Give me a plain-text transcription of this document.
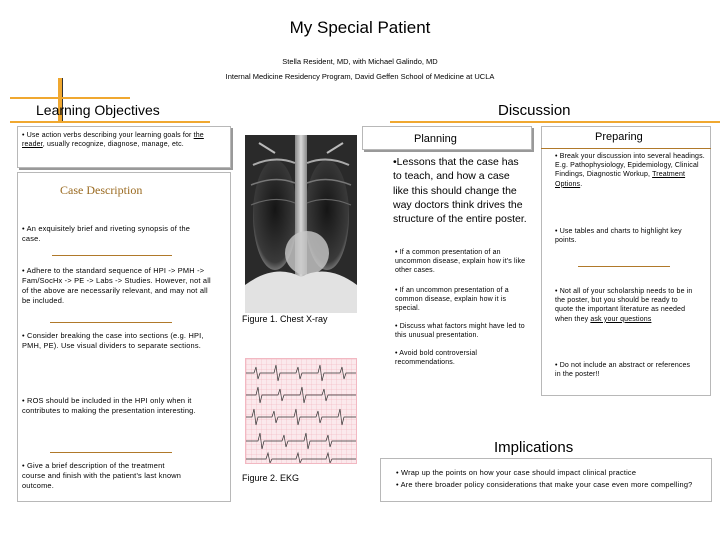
My Special Patient
Stella Resident, MD, with Michael Galindo, MD
Internal Medicine Residency Program, David Geffen School of Medicine at UCLA
Learning Objectives
• Use action verbs describing your learning goals for the reader, usually recognize, diagnose, manage, etc.
Case Description
• An exquisitely brief and riveting synopsis of the case.
• Adhere to the standard sequence of HPI -> PMH -> Fam/SocHx -> PE -> Labs -> Studies. However, not all of the above are necessarily relevant, and may not all be included.
• Consider breaking the case into sections (e.g. HPI, PMH, PE). Use visual dividers to separate sections.
• ROS should be included in the HPI only when it contributes to making the presentation interesting.
• Give a brief description of the treatment course and finish with the patient's last known outcome.
Figure 1. Chest X-ray
Figure 2. EKG
Discussion
Planning
•Lessons that the case has to teach, and how a case like this should change the way doctors think drives the structure of the entire poster.
• If a common presentation of an uncommon disease, explain how it's like other cases.
• If an uncommon presentation of a common disease, explain how it is special.
• Discuss what factors might have led to this unusual presentation.
• Avoid bold controversial recommendations.
Preparing
• Break your discussion into several headings. E.g. Pathophysiology, Epidemiology, Clinical Findings, Diagnostic Workup, Treatment Options.
• Use tables and charts to highlight key points.
• Not all of your scholarship needs to be in the poster, but you should be ready to quote the important literature as needed when they ask your questions
• Do not include an abstract or references in the poster!!
Implications
• Wrap up the points on how your case should impact clinical practice
• Are there broader policy considerations that make your case even more compelling?
